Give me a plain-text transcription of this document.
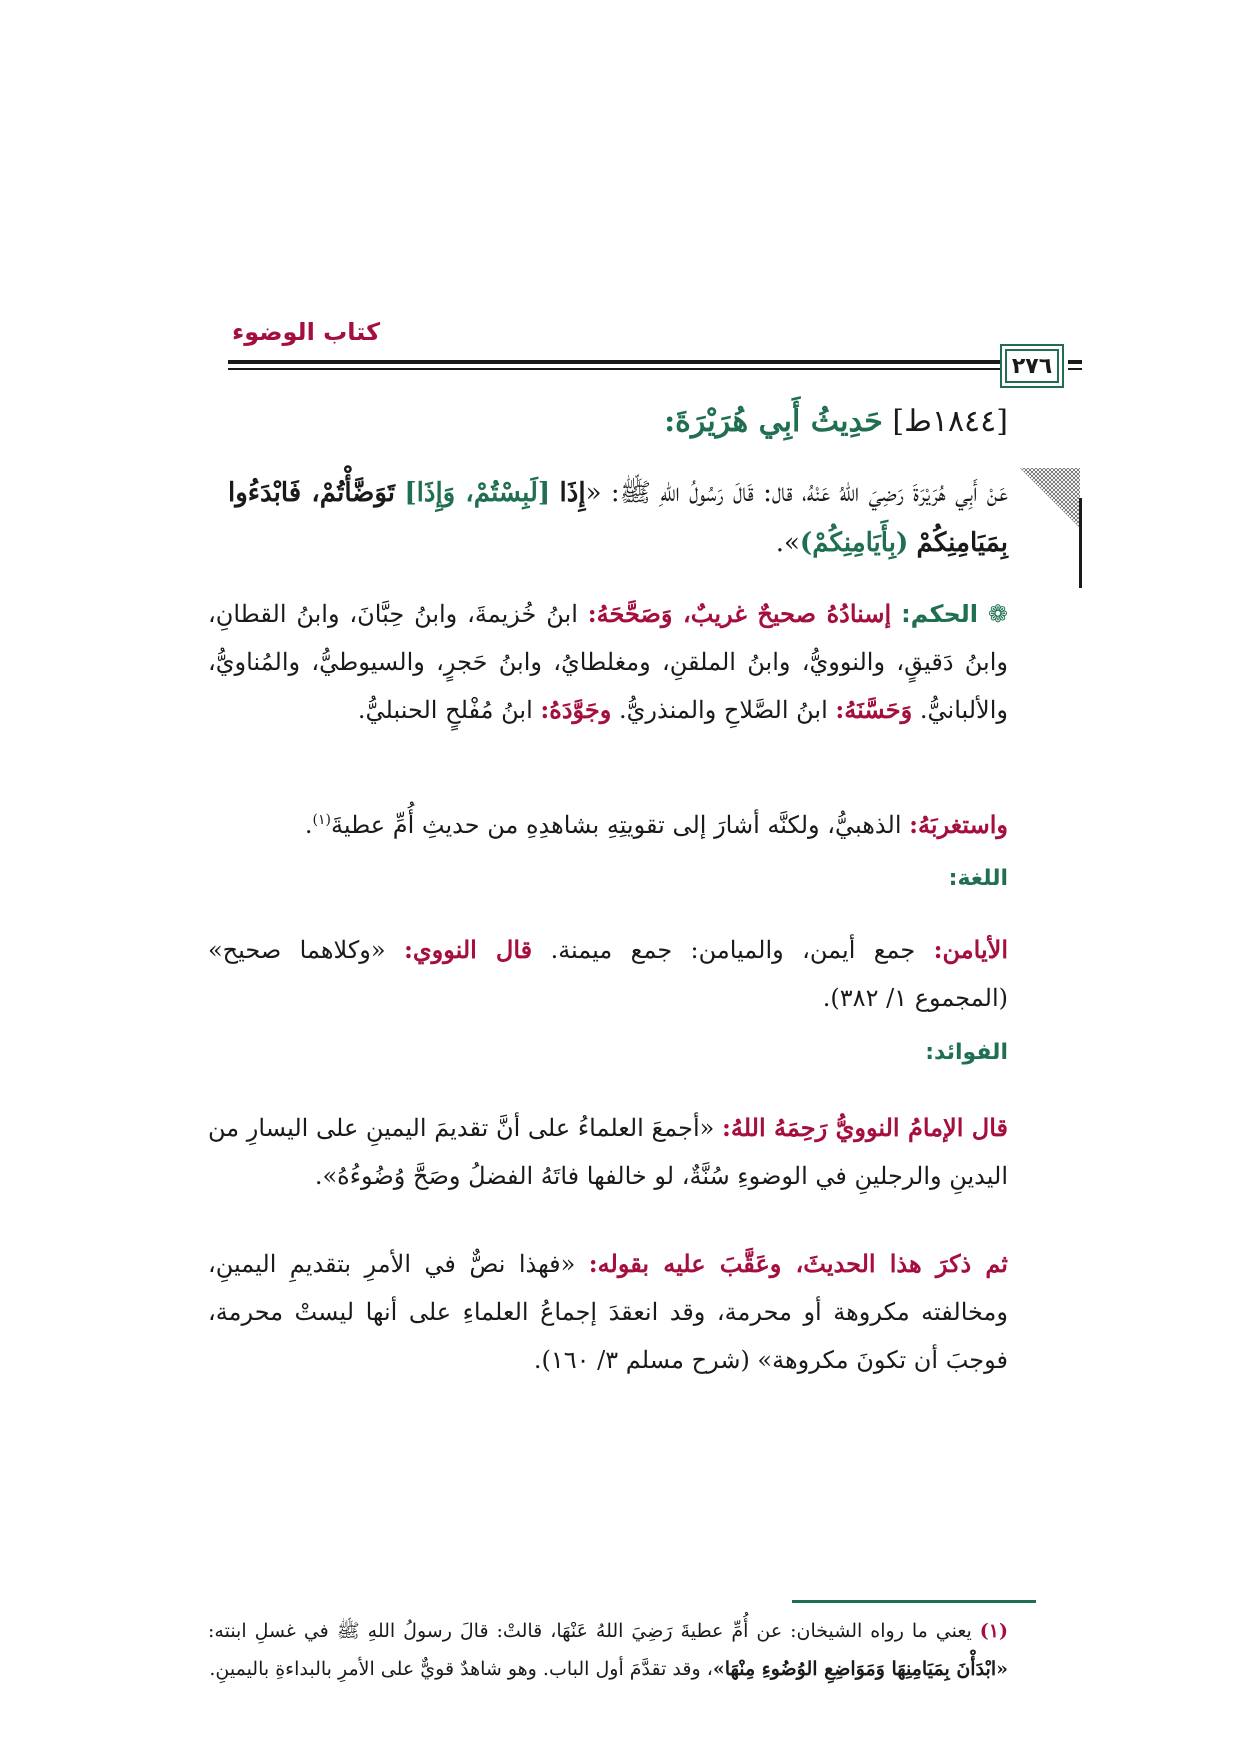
كتاب الوضوء
٢٧٦
[١٨٤٤ط] حَدِيثُ أَبِي هُرَيْرَةَ:
عَنْ أَبِي هُرَيْرَةَ رَضِيَ اللهُ عَنْهُ، قال: قَالَ رَسُولُ اللهِ ﷺ: «إِذَا [لَبِسْتُمْ، وَإِذَا] تَوَضَّأْتُمْ، فَابْدَءُوا بِمَيَامِنِكُمْ (بِأَيَامِنِكُمْ)».
❁ الحكم: إسنادُهُ صحيحٌ غريبٌ، وَصَحَّحَهُ: ابنُ خُزيمةَ، وابنُ حِبَّانَ، وابنُ القطانِ، وابنُ دَقيقٍ، والنوويُّ، وابنُ الملقنِ، ومغلطايُ، وابنُ حَجرٍ، والسيوطيُّ، والمُناويُّ، والألبانيُّ. وَحَسَّنَهُ: ابنُ الصَّلاحِ والمنذريُّ. وجَوَّدَهُ: ابنُ مُفْلحٍ الحنبليُّ.
واستغربَهُ: الذهبيُّ، ولكنَّه أشارَ إلى تقويتِهِ بشاهدِهِ من حديثِ أُمِّ عطيةَ$^{(١)}$.
اللغة:
الأيامن: جمع أيمن، والميامن: جمع ميمنة. قال النووي: «وكلاهما صحيح» (المجموع ١/ ٣٨٢).
الفوائد:
قال الإمامُ النوويُّ رَحِمَهُ اللهُ: «أجمعَ العلماءُ على أنَّ تقديمَ اليمينِ على اليسارِ من اليدينِ والرجلينِ في الوضوءِ سُنَّةٌ، لو خالفها فاتَهُ الفضلُ وصَحَّ وُضُوءُهُ».
ثم ذكرَ هذا الحديثَ، وعَقَّبَ عليه بقوله: «فهذا نصٌّ في الأمرِ بتقديمِ اليمينِ، ومخالفته مكروهة أو محرمة، وقد انعقدَ إجماعُ العلماءِ على أنها ليستْ محرمة، فوجبَ أن تكونَ مكروهة» (شرح مسلم ٣/ ١٦٠).
(١) يعني ما رواه الشيخان: عن أُمِّ عطيةَ رَضِيَ اللهُ عَنْهَا، قالتْ: قالَ رسولُ اللهِ ﷺ في غسلِ ابنته: «ابْدَأْنَ بِمَيَامِنِهَا وَمَوَاضِعِ الوُضُوءِ مِنْهَا»، وقد تقدَّمَ أول الباب. وهو شاهدٌ قويٌّ على الأمرِ بالبداءةِ باليمينِ.
